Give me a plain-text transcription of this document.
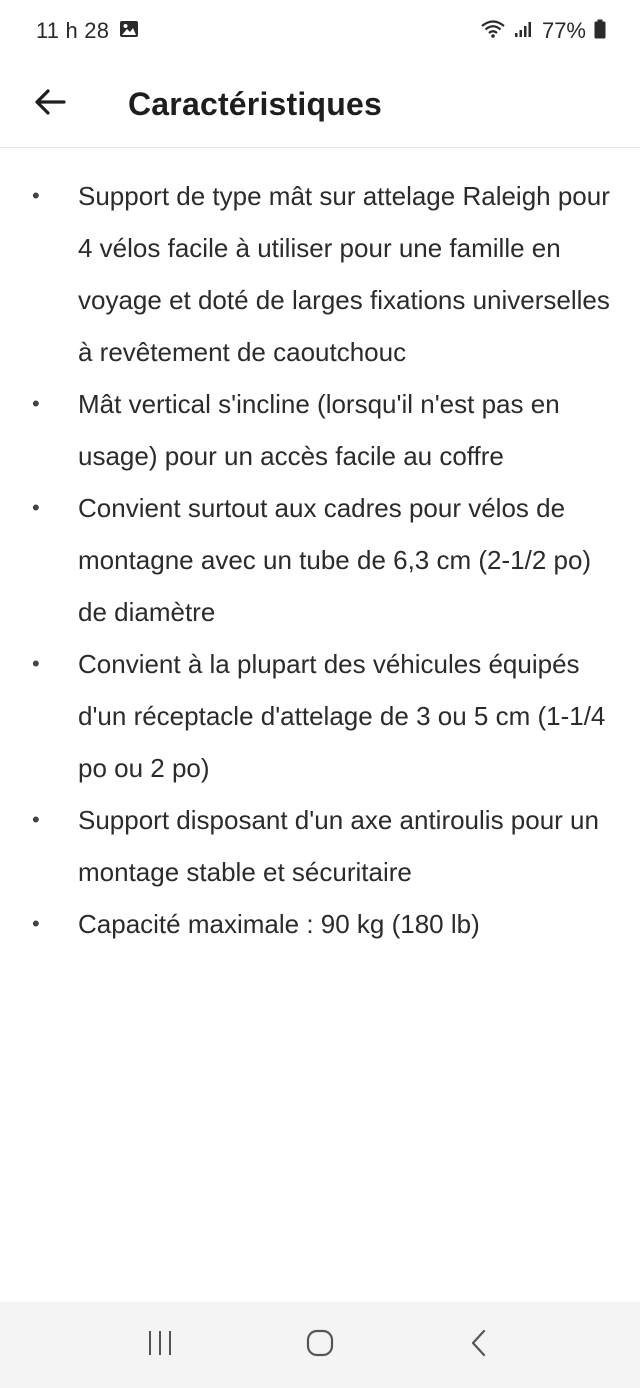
11 h 28	77%
Caractéristiques
•	Support de type mât sur attelage Raleigh pour 4 vélos facile à utiliser pour une famille en voyage et doté de larges fixations universelles à revêtement de caoutchouc
•	Mât vertical s'incline (lorsqu'il n'est pas en usage) pour un accès facile au coffre
•	Convient surtout aux cadres pour vélos de montagne avec un tube de 6,3 cm (2-1/2 po) de diamètre
•	Convient à la plupart des véhicules équipés d'un réceptacle d'attelage de 3 ou 5 cm (1-1/4 po ou 2 po)
•	Support disposant d'un axe antiroulis pour un montage stable et sécuritaire
•	Capacité maximale : 90 kg (180 lb)
